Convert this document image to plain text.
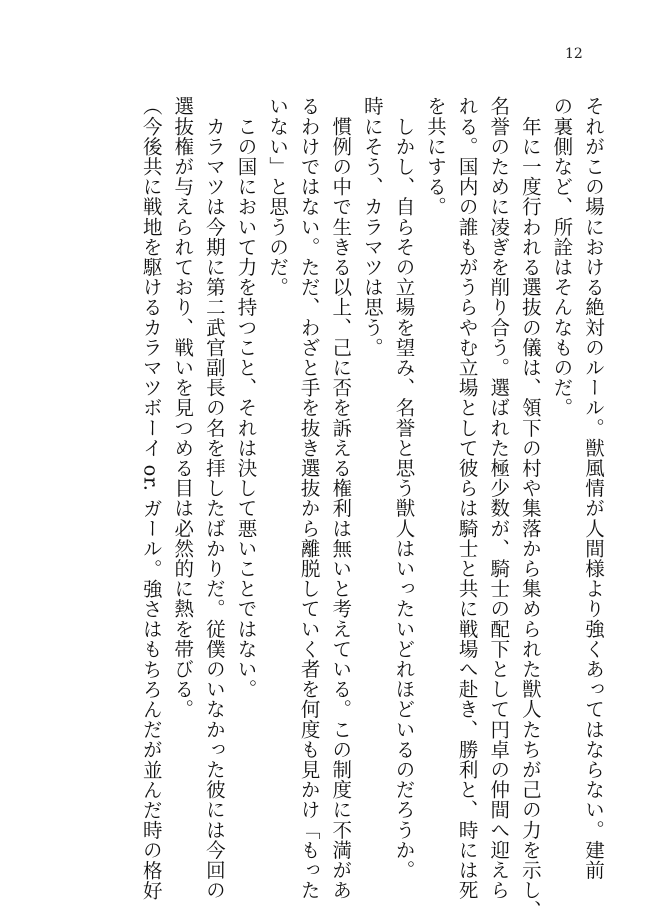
12

それがこの場における絶対のルール。獣風情が人間様より強くあってはならない。建前

の裏側など、所詮はそんなものだ。

　年に一度行われる選抜の儀は、領下の村や集落から集められた獣人たちが己の力を示し、

名誉のために凌ぎを削り合う。選ばれた極少数が、騎士の配下として円卓の仲間へ迎えら

れる。国内の誰もがうらやむ立場として彼らは騎士と共に戦場へ赴き、勝利と、時には死

を共にする。

　しかし、自らその立場を望み、名誉と思う獣人はいったいどれほどいるのだろうか。

時にそう、カラマツは思う。

　慣例の中で生きる以上、己に否を訴える権利は無いと考えている。この制度に不満があ

るわけではない。ただ、わざと手を抜き選抜から離脱していく者を何度も見かけ「もった

いない」と思うのだ。

　この国において力を持つこと、それは決して悪いことではない。

　カラマツは今期に第二武官副長の名を拝したばかりだ。従僕のいなかった彼には今回の

選抜権が与えられており、戦いを見つめる目は必然的に熱を帯びる。

（今後共に戦地を駆けるカラマツボーイ or. ガール。強さはもちろんだが並んだ時の格好
